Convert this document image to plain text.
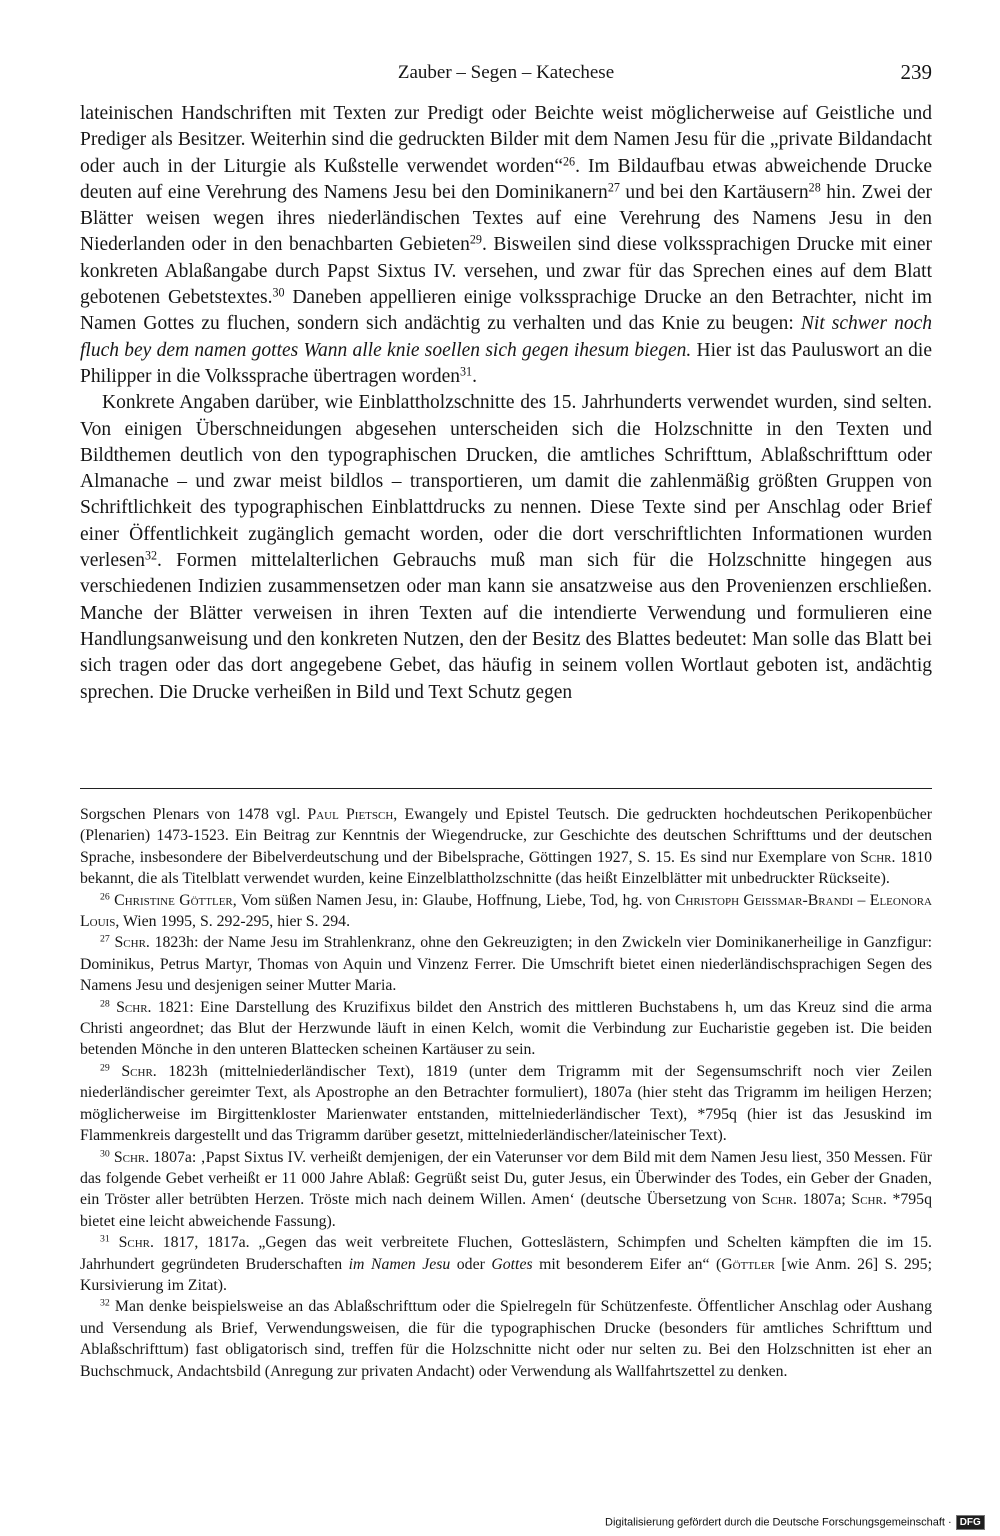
Zauber – Segen – Katechese	239

lateinischen Handschriften mit Texten zur Predigt oder Beichte weist möglicherweise auf Geistliche und Prediger als Besitzer. Weiterhin sind die gedruckten Bilder mit dem Namen Jesu für die „private Bildandacht oder auch in der Liturgie als Kußstelle verwendet worden“$^{26}$. Im Bildaufbau etwas abweichende Drucke deuten auf eine Verehrung des Namens Jesu bei den Dominikanern$^{27}$ und bei den Kartäusern$^{28}$ hin. Zwei der Blätter weisen wegen ihres niederländischen Textes auf eine Verehrung des Namens Jesu in den Niederlanden oder in den benachbarten Gebieten$^{29}$. Bisweilen sind diese volkssprachigen Drucke mit einer konkreten Ablaßangabe durch Papst Sixtus IV. versehen, und zwar für das Sprechen eines auf dem Blatt gebotenen Gebetstextes.$^{30}$ Daneben appellieren einige volkssprachige Drucke an den Betrachter, nicht im Namen Gottes zu fluchen, sondern sich andächtig zu verhalten und das Knie zu beugen: Nit schwer noch fluch bey dem namen gottes Wann alle knie soellen sich gegen ihesum biegen. Hier ist das Pauluswort an die Philipper in die Volkssprache übertragen worden$^{31}$.

Konkrete Angaben darüber, wie Einblattholzschnitte des 15. Jahrhunderts verwendet wurden, sind selten. Von einigen Überschneidungen abgesehen unterscheiden sich die Holzschnitte in den Texten und Bildthemen deutlich von den typographischen Drucken, die amtliches Schrifttum, Ablaßschrifttum oder Almanache – und zwar meist bildlos – transportieren, um damit die zahlenmäßig größten Gruppen von Schriftlichkeit des typographischen Einblattdrucks zu nennen. Diese Texte sind per Anschlag oder Brief einer Öffentlichkeit zugänglich gemacht worden, oder die dort verschriftlichten Informationen wurden verlesen$^{32}$. Formen mittelalterlichen Gebrauchs muß man sich für die Holzschnitte hingegen aus verschiedenen Indizien zusammensetzen oder man kann sie ansatzweise aus den Provenienzen erschließen. Manche der Blätter verweisen in ihren Texten auf die intendierte Verwendung und formulieren eine Handlungsanweisung und den konkreten Nutzen, den der Besitz des Blattes bedeutet: Man solle das Blatt bei sich tragen oder das dort angegebene Gebet, das häufig in seinem vollen Wortlaut geboten ist, andächtig sprechen. Die Drucke verheißen in Bild und Text Schutz gegen

Sorgschen Plenars von 1478 vgl. Paul Pietsch, Ewangely und Epistel Teutsch. Die gedruckten hochdeutschen Perikopenbücher (Plenarien) 1473-1523. Ein Beitrag zur Kenntnis der Wiegendrucke, zur Geschichte des deutschen Schrifttums und der deutschen Sprache, insbesondere der Bibelverdeutschung und der Bibelsprache, Göttingen 1927, S. 15. Es sind nur Exemplare von Schr. 1810 bekannt, die als Titelblatt verwendet wurden, keine Einzelblattholzschnitte (das heißt Einzelblätter mit unbedruckter Rückseite).

$^{26}$ Christine Göttler, Vom süßen Namen Jesu, in: Glaube, Hoffnung, Liebe, Tod, hg. von Christoph Geissmar-Brandi – Eleonora Louis, Wien 1995, S. 292-295, hier S. 294.

$^{27}$ Schr. 1823h: der Name Jesu im Strahlenkranz, ohne den Gekreuzigten; in den Zwickeln vier Dominikanerheilige in Ganzfigur: Dominikus, Petrus Martyr, Thomas von Aquin und Vinzenz Ferrer. Die Umschrift bietet einen niederländischsprachigen Segen des Namens Jesu und desjenigen seiner Mutter Maria.

$^{28}$ Schr. 1821: Eine Darstellung des Kruzifixus bildet den Anstrich des mittleren Buchstabens h, um das Kreuz sind die arma Christi angeordnet; das Blut der Herzwunde läuft in einen Kelch, womit die Verbindung zur Eucharistie gegeben ist. Die beiden betenden Mönche in den unteren Blattecken scheinen Kartäuser zu sein.

$^{29}$ Schr. 1823h (mittelniederländischer Text), 1819 (unter dem Trigramm mit der Segensumschrift noch vier Zeilen niederländischer gereimter Text, als Apostrophe an den Betrachter formuliert), 1807a (hier steht das Trigramm im heiligen Herzen; möglicherweise im Birgittenkloster Marienwater entstanden, mittelniederländischer Text), *795q (hier ist das Jesuskind im Flammenkreis dargestellt und das Trigramm darüber gesetzt, mittelniederländischer/lateinischer Text).

$^{30}$ Schr. 1807a: ‚Papst Sixtus IV. verheißt demjenigen, der ein Vaterunser vor dem Bild mit dem Namen Jesu liest, 350 Messen. Für das folgende Gebet verheißt er 11 000 Jahre Ablaß: Gegrüßt seist Du, guter Jesus, ein Überwinder des Todes, ein Geber der Gnaden, ein Tröster aller betrübten Herzen. Tröste mich nach deinem Willen. Amen‘ (deutsche Übersetzung von Schr. 1807a; Schr. *795q bietet eine leicht abweichende Fassung).

$^{31}$ Schr. 1817, 1817a. „Gegen das weit verbreitete Fluchen, Gotteslästern, Schimpfen und Schelten kämpften die im 15. Jahrhundert gegründeten Bruderschaften im Namen Jesu oder Gottes mit besonderem Eifer an“ (Göttler [wie Anm. 26] S. 295; Kursivierung im Zitat).

$^{32}$ Man denke beispielsweise an das Ablaßschrifttum oder die Spielregeln für Schützenfeste. Öffentlicher Anschlag oder Aushang und Versendung als Brief, Verwendungsweisen, die für die typographischen Drucke (besonders für amtliches Schrifttum und Ablaßschrifttum) fast obligatorisch sind, treffen für die Holzschnitte nicht oder nur selten zu. Bei den Holzschnitten ist eher an Buchschmuck, Andachtsbild (Anregung zur privaten Andacht) oder Verwendung als Wallfahrtszettel zu denken.

Digitalisierung gefördert durch die Deutsche Forschungsgemeinschaft · DFG
